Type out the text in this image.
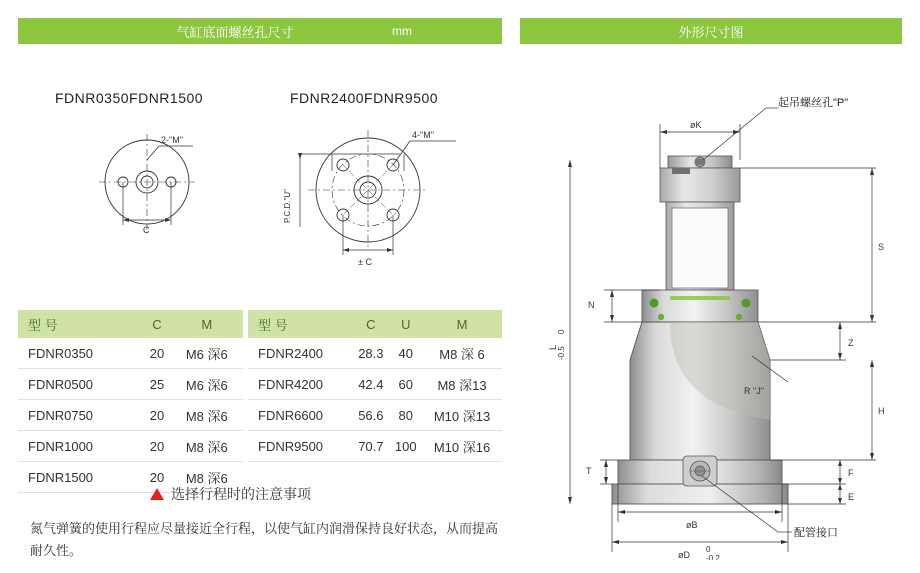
气缸底面螺丝孔尺寸	mm	外形尺寸图
FDNR0350FDNR1500	FDNR2400FDNR9500
2-"M"
C
4-"M"
P.C.D."U"
± C
型 号	C	M
FDNR0350	20	M6 深6
FDNR0500	25	M6 深6
FDNR0750	20	M8 深6
FDNR1000	20	M8 深6
FDNR1500	20	M8 深6
型 号	C	U	M
FDNR2400	28.3	40	M8 深 6
FDNR4200	42.4	60	M8 深13
FDNR6600	56.6	80	M10 深13
FDNR9500	70.7	100	M10 深16
选择行程时的注意事项
氮气弹簧的使用行程应尽量接近全行程，以使气缸内润滑保持良好状态，从而提高耐久性。
øK
N
S
Z
H
F
E
T
øB
øD
0
-0.2
L
0
-0.5
R "J"
起吊螺丝孔"P"
配管接口
